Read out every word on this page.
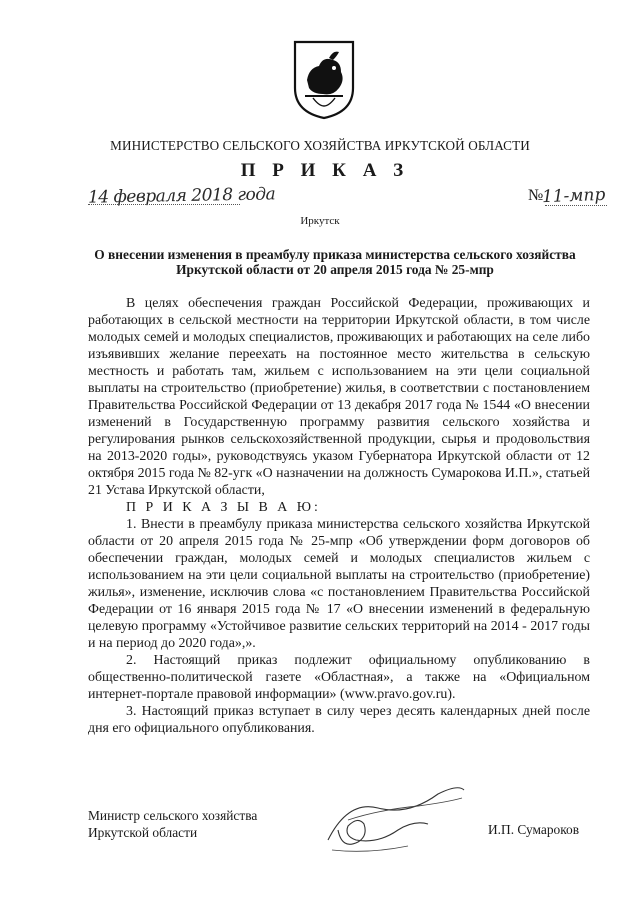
МИНИСТЕРСТВО СЕЛЬСКОГО ХОЗЯЙСТВА ИРКУТСКОЙ ОБЛАСТИ
П Р И К А З
14 февраля 2018 года	№
11-мпр
Иркутск
О внесении изменения в преамбулу приказа министерства сельского хозяйства Иркутской области от 20 апреля 2015 года № 25-мпр

В целях обеспечения граждан Российской Федерации, проживающих и работающих в сельской местности на территории Иркутской области, в том числе молодых семей и молодых специалистов, проживающих и работающих на селе либо изъявивших желание переехать на постоянное место жительства в сельскую местность и работать там, жильем с использованием на эти цели социальной выплаты на строительство (приобретение) жилья, в соответствии с постановлением Правительства Российской Федерации от 13 декабря 2017 года № 1544 «О внесении изменений в Государственную программу развития сельского хозяйства и регулирования рынков сельскохозяйственной продукции, сырья и продовольствия на 2013-2020 годы», руководствуясь указом Губернатора Иркутской области от 12 октября 2015 года № 82-угк «О назначении на должность Сумарокова И.П.», статьей 21 Устава Иркутской области,

П Р И К А З Ы В А Ю:

1. Внести в преамбулу приказа министерства сельского хозяйства Иркутской области от 20 апреля 2015 года № 25-мпр «Об утверждении форм договоров об обеспечении граждан, молодых семей и молодых специалистов жильем с использованием на эти цели социальной выплаты на строительство (приобретение) жилья», изменение, исключив слова «с постановлением Правительства Российской Федерации от 16 января 2015 года № 17 «О внесении изменений в федеральную целевую программу «Устойчивое развитие сельских территорий на 2014 - 2017 годы и на период до 2020 года»,».

2. Настоящий приказ подлежит официальному опубликованию в общественно-политической газете «Областная», а также на «Официальном интернет-портале правовой информации» (www.pravo.gov.ru).

3. Настоящий приказ вступает в силу через десять календарных дней после дня его официального опубликования.

Министр сельского хозяйства
Иркутской области	И.П. Сумароков
